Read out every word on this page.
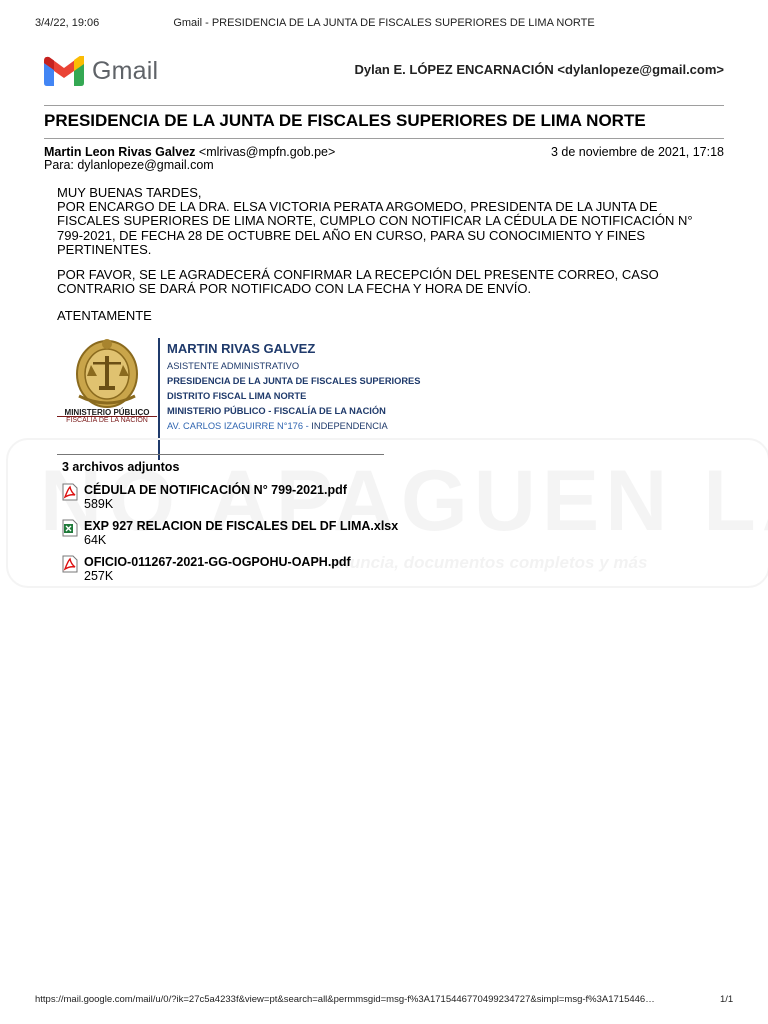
3/4/22, 19:06	Gmail - PRESIDENCIA DE LA JUNTA DE FISCALES SUPERIORES DE LIMA NORTE
Gmail	Dylan E. LÓPEZ ENCARNACIÓN <dylanlopeze@gmail.com>
PRESIDENCIA DE LA JUNTA DE FISCALES SUPERIORES DE LIMA NORTE
Martin Leon Rivas Galvez <mlrivas@mpfn.gob.pe>	3 de noviembre de 2021, 17:18
Para: dylanlopeze@gmail.com

MUY BUENAS TARDES,

POR ENCARGO DE LA DRA. ELSA VICTORIA PERATA ARGOMEDO, PRESIDENTA DE LA JUNTA DE FISCALES SUPERIORES DE LIMA NORTE, CUMPLO CON NOTIFICAR LA CÉDULA DE NOTIFICACIÓN N° 799-2021, DE FECHA 28 DE OCTUBRE DEL AÑO EN CURSO, PARA SU CONOCIMIENTO Y FINES PERTINENTES.

POR FAVOR, SE LE AGRADECERÁ CONFIRMAR LA RECEPCIÓN DEL PRESENTE CORREO, CASO CONTRARIO SE DARÁ POR NOTIFICADO CON LA FECHA Y HORA DE ENVÍO.

ATENTAMENTE

MINISTERIO PÚBLICO
FISCALÍA DE LA NACIÓN
MARTIN RIVAS GALVEZ
ASISTENTE ADMINISTRATIVO
PRESIDENCIA DE LA JUNTA DE FISCALES SUPERIORES
DISTRITO FISCAL LIMA NORTE
MINISTERIO PÚBLICO - FISCALÍA DE LA NACIÓN
AV. CARLOS IZAGUIRRE N°176 - INDEPENDENCIA
anuncia, documentos completos y más
3 archivos adjuntos
CÉDULA DE NOTIFICACIÓN N° 799-2021.pdf
589K
EXP 927 RELACION DE FISCALES DEL DF LIMA.xlsx
64K
OFICIO-011267-2021-GG-OGPOHU-OAPH.pdf
257K
https://mail.google.com/mail/u/0/?ik=27c5a4233f&view=pt&search=all&permmsgid=msg-f%3A1715446770499234727&simpl=msg-f%3A1715446…	1/1
